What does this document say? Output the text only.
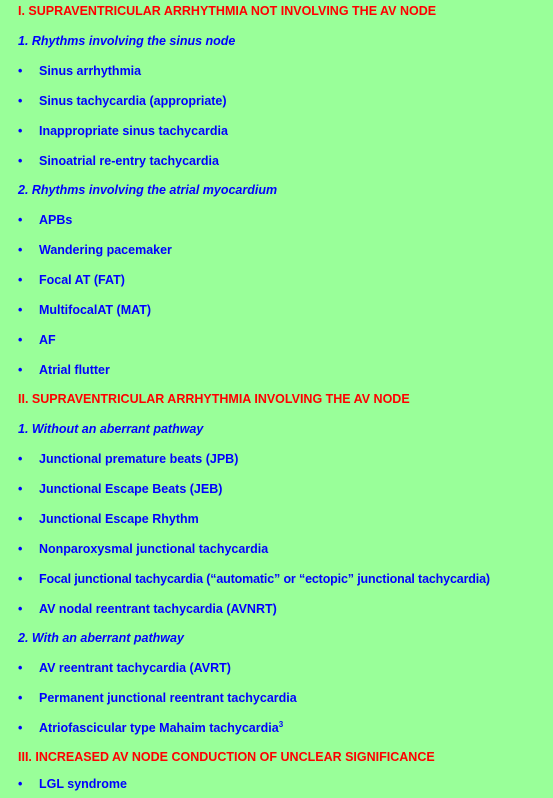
I. SUPRAVENTRICULAR ARRHYTHMIA NOT INVOLVING THE AV NODE
1. Rhythms involving the sinus node
• Sinus arrhythmia
• Sinus tachycardia (appropriate)
• Inappropriate sinus tachycardia
• Sinoatrial re-entry tachycardia
2. Rhythms involving the atrial myocardium
• APBs
• Wandering pacemaker
• Focal AT (FAT)
• MultifocalAT (MAT)
• AF
• Atrial flutter
II. SUPRAVENTRICULAR ARRHYTHMIA INVOLVING THE AV NODE
1. Without an aberrant pathway
• Junctional premature beats (JPB)
• Junctional Escape Beats (JEB)
• Junctional Escape Rhythm
• Nonparoxysmal junctional tachycardia
• Focal junctional tachycardia (“automatic” or “ectopic” junctional tachycardia)
• AV nodal reentrant tachycardia (AVNRT)
2. With an aberrant pathway
• AV reentrant tachycardia (AVRT)
• Permanent junctional reentrant tachycardia
• Atriofascicular type Mahaim tachycardia$^3$
III. INCREASED AV NODE CONDUCTION OF UNCLEAR SIGNIFICANCE
• LGL syndrome
